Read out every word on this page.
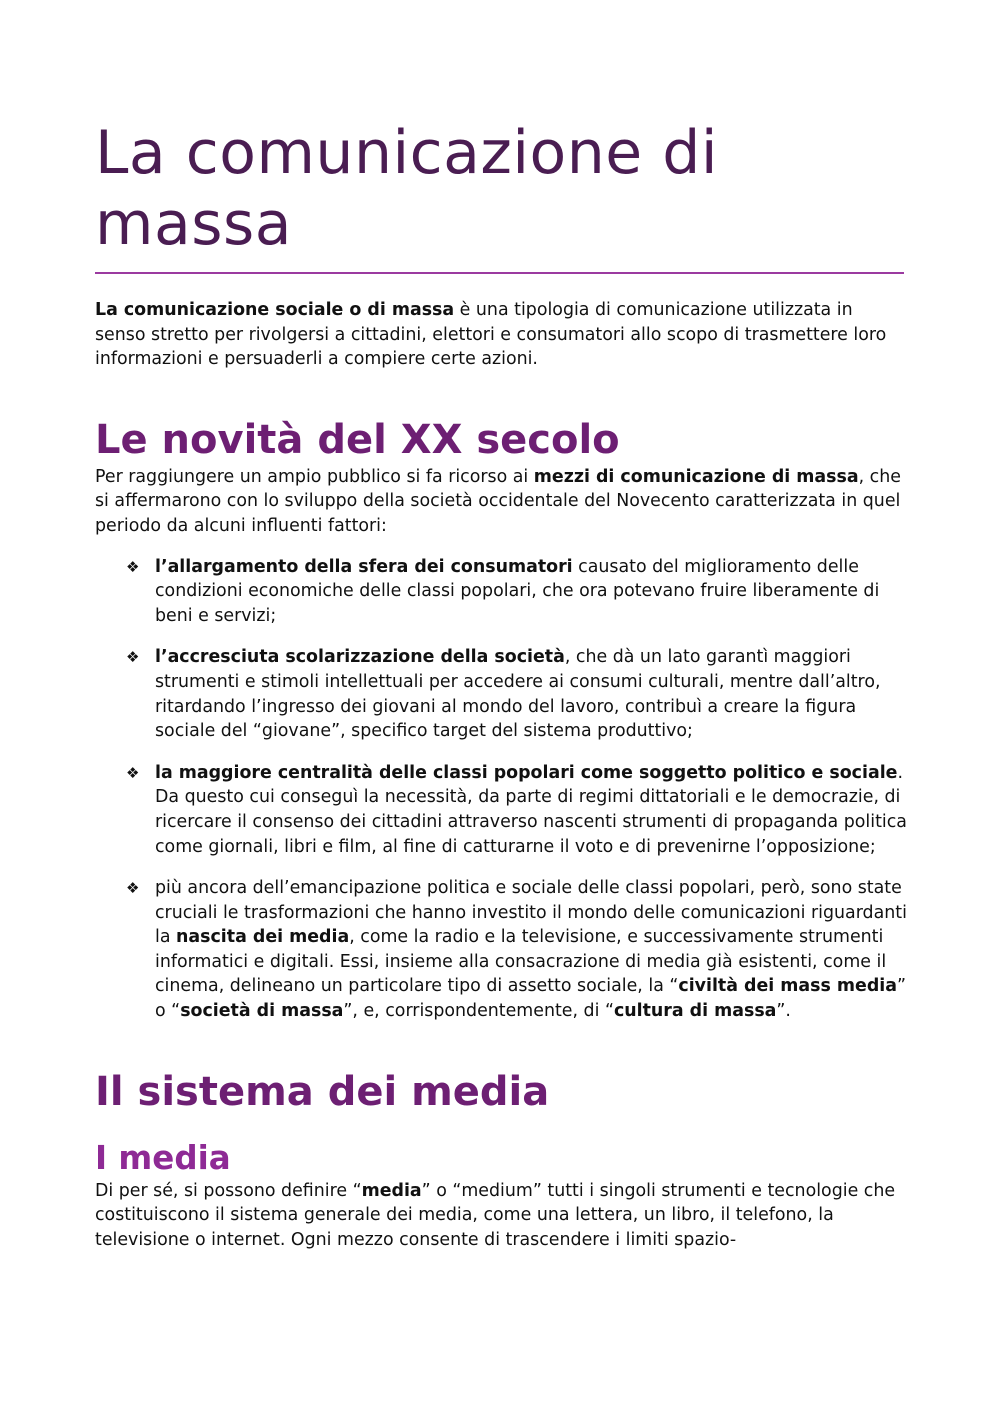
La comunicazione di
massa

La comunicazione sociale o di massa è una tipologia di comunicazione utilizzata in senso stretto per rivolgersi a cittadini, elettori e consumatori allo scopo di trasmettere loro informazioni e persuaderli a compiere certe azioni.

Le novità del XX secolo

Per raggiungere un ampio pubblico si fa ricorso ai mezzi di comunicazione di massa, che si affermarono con lo sviluppo della società occidentale del Novecento caratterizzata in quel periodo da alcuni influenti fattori:

❖ l’allargamento della sfera dei consumatori causato del miglioramento delle condizioni economiche delle classi popolari, che ora potevano fruire liberamente di beni e servizi;
❖ l’accresciuta scolarizzazione della società, che dà un lato garantì maggiori strumenti e stimoli intellettuali per accedere ai consumi culturali, mentre dall’altro, ritardando l’ingresso dei giovani al mondo del lavoro, contribuì a creare la figura sociale del “giovane”, specifico target del sistema produttivo;
❖ la maggiore centralità delle classi popolari come soggetto politico e sociale. Da questo cui conseguì la necessità, da parte di regimi dittatoriali e le democrazie, di ricercare il consenso dei cittadini attraverso nascenti strumenti di propaganda politica come giornali, libri e film, al fine di catturarne il voto e di prevenirne l’opposizione;
❖ più ancora dell’emancipazione politica e sociale delle classi popolari, però, sono state cruciali le trasformazioni che hanno investito il mondo delle comunicazioni riguardanti la nascita dei media, come la radio e la televisione, e successivamente strumenti informatici e digitali. Essi, insieme alla consacrazione di media già esistenti, come il cinema, delineano un particolare tipo di assetto sociale, la “civiltà dei mass media” o “società di massa”, e, corrispondentemente, di “cultura di massa”.
Il sistema dei media
I media

Di per sé, si possono definire “media” o “medium” tutti i singoli strumenti e tecnologie che costituiscono il sistema generale dei media, come una lettera, un libro, il telefono, la televisione o internet. Ogni mezzo consente di trascendere i limiti spazio-
